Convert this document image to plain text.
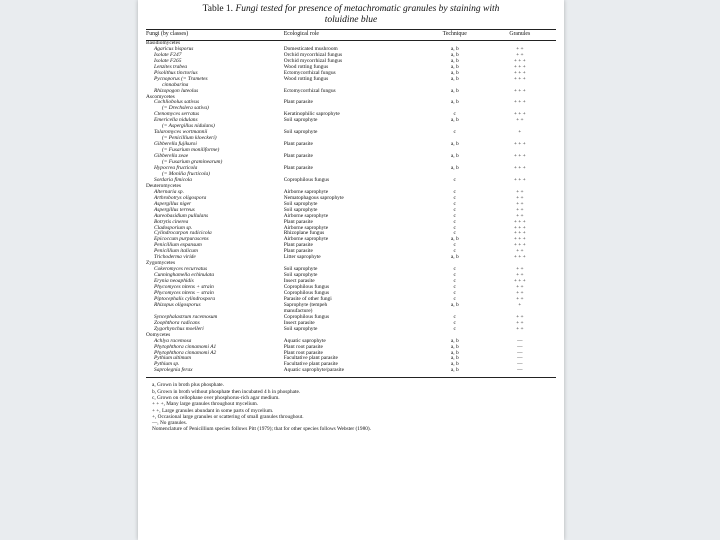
Table 1. Fungi tested for presence of metachromatic granules by staining with
toluidine blue
Fungi (by classes)	Ecological role	Technique	Granules
Basidiomycetes			
Agaricus bisporus	Domesticated mushroom	a, b	+ +
Isolate F247	Orchid mycorrhizal fungus	a, b	+ +
Isolate F265	Orchid mycorrhizal fungus	a, b	+ + +
Lenzites trabea	Wood rotting fungus	a, b	+ + +
Pisolithus tinctorius	Ectomycorrhizal fungus	a, b	+ + +
Pycnoporus (= Trametes	Wood rotting fungus	a, b	+ + +
cinnabarina			
Rhizopogon luteolus	Ectomycorrhizal fungus	a, b	+ + +
Ascomycetes			
Cochliobolus sativus	Plant parasite	a, b	+ + +
(= Drechslera sativa)			
Ctenomyces serratus	Keratinophilic saprophyte	c	+ + +
Emericella nidulans	Soil saprophyte	a, b	+ +
(= Aspergillus nidulans)			
Talaromyces wortmannii	Soil saprophyte	c	+
(= Penicillium kloeckeri)			
Gibberella fujikuroi	Plant parasite	a, b	+ + +
(= Fusarium moniliforme)			
Gibberella zeae	Plant parasite	a, b	+ + +
(= Fusarium graminearum)			
Hypocrea fructicola	Plant parasite	a, b	+ + +
(= Monilia fructicola)			
Sordaria fimicola	Coprophilous fungus	c	+ + +
Deuteromycetes			
Alternaria sp.	Airborne saprophyte	c	+ +
Arthrobotrys oligospora	Nematophagous saprophyte	c	+ +
Aspergillus niger	Soil saprophyte	c	+ +
Aspergillus terreus	Soil saprophyte	c	+ +
Aureobasidium pullulans	Airborne saprophyte	c	+ +
Botrytis cinerea	Plant parasite	c	+ + +
Cladosporium sp.	Airborne saprophyte	c	+ + +
Cylindrocarpon radicicola	Rhizoplane fungus	c	+ + +
Epicoccum purpurascens	Airborne saprophyte	a, b	+ + +
Penicillium expansum	Plant parasite	c	+ + +
Penicillium italicum	Plant parasite	c	+ +
Trichoderma viride	Litter saprophyte	a, b	+ + +
Zygomycetes			
Cokeromyces recurvatus	Soil saprophyte	c	+ +
Cunninghamella echinulata	Soil saprophyte	c	+ +
Erynia neoaphidis	Insect parasite	c	+ + +
Phycomyces nitens + strain	Coprophilous fungus	c	+ +
Phycomyces nitens − strain	Coprophilous fungus	c	+ +
Piptocephalis cylindrospora	Parasite of other fungi	c	+ +
Rhizopus oligosporus	Saprophyte (tempeh	a, b	+
	manufacture)		
Syncephalastrum racemosum	Coprophilous fungus	c	+ +
Zoophthora radicans	Insect parasite	c	+ +
Zygorhynchus moelleri	Soil saprophyte	c	+ +
Oomycetes			
Achlya racemosa	Aquatic saprophyte	a, b	—
Phytophthora cinnamomi A1	Plant root parasite	a, b	—
Phytophthora cinnamomi A2	Plant root parasite	a, b	—
Pythium ultimum	Facultative plant parasite	a, b	—
Pythium sp.	Facultative plant parasite	a, b	—
Saprolegnia ferax	Aquatic saprophyte/parasite	a, b	—
a, Grown in broth plus phosphate.
b, Grown in broth without phosphate then incubated 4 h in phosphate.
c, Grown on cellophane over phosphorus-rich agar medium.
+ + +, Many large granules throughout mycelium.
+ +, Large granules abundant in some parts of mycelium.
+, Occasional large granules or scattering of small granules throughout.
—, No granules.
Nomenclature of Penicillium species follows Pitt (1979); that for other species follows Webster (1980).
